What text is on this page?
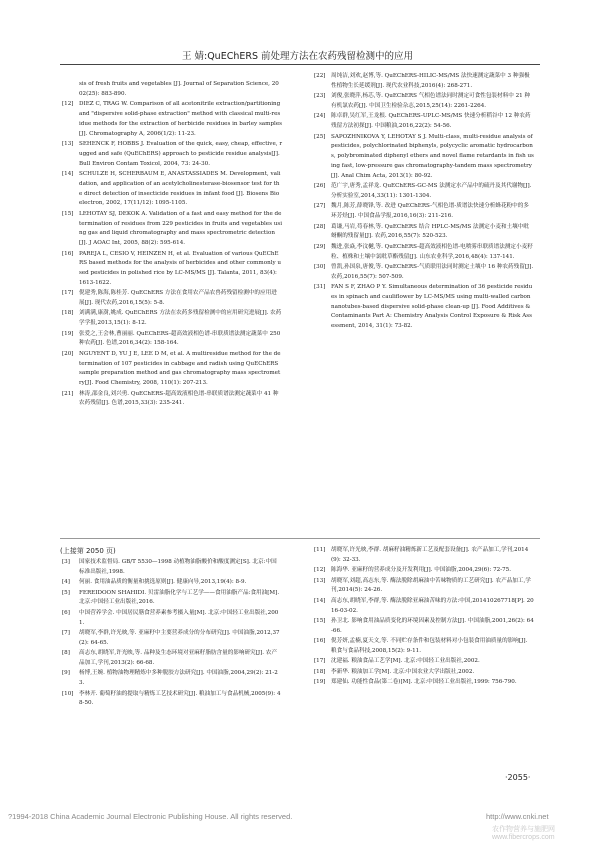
王 婧:QuEChERS 前处理方法在农药残留检测中的应用
sis of fresh fruits and vegetables [J]. Journal of Separation Science, 2002(25): 883-890.
[12] DIEZ C, TRAG W. Comparison of all acetonitrile extraction/partitioning and "dispersive solid-phase extraction" method with classical multi-residue methods for the extraction of herbicide residues in barley samples[J]. Chromatography A, 2006(1/2): 11-23.
[13] SEHENCK F, HOBBS J. Evaluation of the quick, easy, cheap, effective, rugged and safe (QuEChERS) approach to pesticide residue analysis[J]. Bull Environ Contam Toxicol, 2004, 73: 24-30.
[14] SCHULZE H, SCHERBAUM E, ANASTASSIADES M. Development, validation, and application of an acetylcholinesterase-biosensor test for the direct detection of insecticide residues in infant food [J]. Biosens Bioelectron, 2002, 17(11/12): 1095-1105.
[15] LEHOTAY SJ, DEKOK A. Validation of a fast and easy method for the determination of residues from 229 pesticides in fruits and vegetables using gas and liquid chromatography and mass spectrometric detection[J]. J AOAC Int, 2005, 88(2): 595-614.
[16] PAREJA L, CESIO V, HEINZEN H, et al. Evaluation of various QuEChERS based methods for the analysis of herbicides and other commonly used pesticides in polished rice by LC-MS/MS [J]. Talanta, 2011, 83(4): 1613-1622.
[17] 倪建秀,陈海,陈桂芳. QuEChERS 方法在食用农产品农兽药残留检测中的应用进展[J]. 现代农药,2016,15(5): 5-8.
[18] 刘满满,康澍,姚成. QuEChERS 方法在农药多残留检测中的应用研究进展[J]. 农药学学报,2013,15(1): 8-12.
[19] 张爱之,王会林,曹丽丽. QuEChERS-超高效液相色谱-串联质谱法测定蔬菜中 250 种农药[J]. 色谱,2016,34(2): 158-164.
[20] NGUYENT D, YU J E, LEE D M, et al. A multiresidue method for the determination of 107 pesticides in cabbage and radish using QuEChERS sample preparation method and gas chromatography mass spectrometry[J]. Food Chemistry, 2008, 110(1): 207-213.
[21] 林涛,邵金良,刘兴勇. QuEChERS-超高效液相色谱-串联质谱法测定蔬菜中 41 种农药残留[J]. 色谱,2015,33(3): 235-241.
[22] 周纯洁,刘欢,赵博,等. QuEChERS-HILIC-MS/MS 法快速测定蔬菜中 3 种强极性植物生长延缓剂[J]. 现代农业科技,2016(4): 268-271.
[23] 刘俊,张晓萍,杨芯,等. QuEChERS 气相色谱法同时测定可食性包装材料中 21 种有机氯农药[J]. 中国卫生检验杂志,2015,25(14): 2261-2264.
[24] 陈卓群,吴红军,王龙根. QuEChERS-UPLC-MS/MS 快速分析稻谷中 12 种农药残留方法初探[J]. 中国粮油,2016,22(2): 54-56.
[25] SAPOZHNIKOVA Y, LEHOTAY S J. Multi-class, multi-residue analysis of pesticides, polychlorinated biphenyls, polycyclic aromatic hydrocarbons, polybrominated diphenyl ethers and novel flame retardants in fish using fast, low-pressure gas chromatography-tandem mass spectrometry[J]. Anal Chim Acta, 2013(1): 80-92.
[26] 范广宇,唐秀,孟祥龙. QuEChERS-GC-MS 法测定水产品中的硫丹及其代谢物[J]. 分析实验室,2014,33(11): 1301-1304.
[27] 魏月,陈芳,薛晓锋,等. 改进 QuEChERS-气相色谱-质谱法快速分析蜂花粉中的多环芳烃[J]. 中国食品学报,2016,16(3): 211-216.
[28] 葛谦,马岩,苟春林,等. QuEChERS 结合 HPLC-MS/MS 法测定小麦和土壤中吡蚜酮的残留量[J]. 农药,2016,55(7): 520-523.
[29] 魏进,张焱,李汶樾,等. QuEChERS-超高效液相色谱-电喷雾串联质谱法测定小麦籽粒、植株和土壤中氯吡草酯残留[J]. 山东农业科学,2016,48(4): 137-141.
[30] 曾凯,孙国泉,唐俊,等. QuEChERS-气质联用法同时测定土壤中 16 种农药残留[J]. 农药,2016,55(7): 507-509.
[31] FAN S F, ZHAO P Y. Simultaneous determination of 36 pesticide residues in spinach and cauliflower by LC-MS/MS using multi-walled carbon nanotubes-based dispersive solid-phase clean-up [J]. Food Additives & Contaminants Part A: Chemistry Analysis Control Exposure & Risk Assessment, 2014, 31(1): 73-82.
(上接第 2050 页)
[3]	国家技术监督局. GB/T 5530—1998 动植物油脂酸价和酸度测定[S]. 北京:中国标准出版社,1998.
[4]	何丽. 食用油品质的衡量和挑选原则[J]. 健康向导,2013,19(4): 8-9.
[5]	FEREIDOON SHAHIDI. 贝雷油脂化学与工艺学——食用油脂产品:食用油[M]. 北京:中国轻工业出版社,2016.
[6]	中国营养学会. 中国居民膳食营养素参考摄入量[M]. 北京:中国轻工业出版社,2001.
[7]	胡晓军,李群,许光映,等. 亚麻籽中主要营养成分的分布研究[J]. 中国油脂,2012,37(2): 64-65.
[8]	高志东,胡晓军,许光映,等. 品种及生态环境对亚麻籽脂肪含量的影响研究[J]. 农产品加工,学刊,2013(2): 66-68.
[9]	杨博,王婉. 植物油物理精炼中多种脱胶方法研究[J]. 中国油脂,2004,29(2): 21-23.
[10] 李林开. 葡萄籽油的提取与精炼工艺技术研究[J]. 粮油加工与食品机械,2005(9): 48-50.
[11] 胡晓军,许光映,李群. 胡麻籽油精炼新工艺及配套设备[J]. 农产品加工,学刊,2014(9): 32-33.
[12] 陈海华. 亚麻籽的营养成分及开发利用[J]. 中国油脂,2004,29(6): 72-75.
[13] 胡晓军,刘超,高志东,等. 酶法脱除胡麻油中苦味物质的工艺研究[J]. 农产品加工,学刊,2014(5): 24-26.
[14] 高志东,胡晓军,李群,等. 酶法脱除亚麻油苦味的方法:中国,201410267718[P]. 2016-03-02.
[15] 孙卫北. 影响食用油品质变化的环境因素及控制方法[J]. 中国油脂,2001,26(2): 64-66.
[16] 倪芳妍,孟楠,夏天文,等. 不同贮存条件和包装材料对小包装食用油质量的影响[J]. 粮食与食品科技,2008,15(2): 9-11.
[17] 沈建福. 粮油食品工艺学[M]. 北京:中国轻工业出版社,2002.
[18] 李新华. 粮油加工学[M]. 北京:中国农业大学出版社,2002.
[19] 郑建仙. 功能性食品(第二卷)[M]. 北京:中国轻工业出版社,1999: 756-790.
·2055·
?1994-2018 China Academic Journal Electronic Publishing House. All rights reserved.	http://www.cnki.net
农作物营养与施肥网 www.fibercrops.com
